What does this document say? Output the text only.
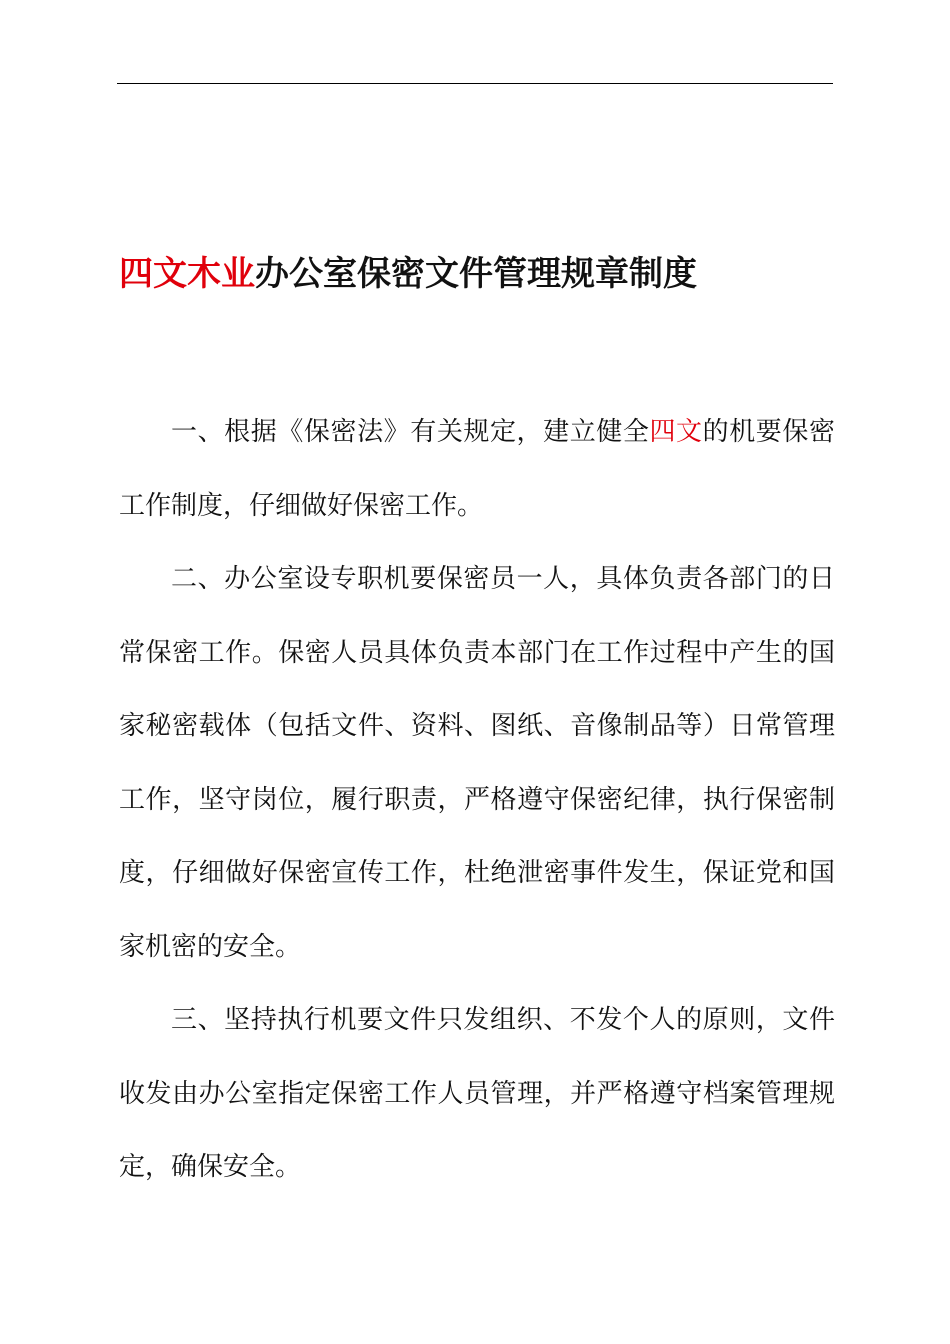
四文木业办公室保密文件管理规章制度

一、根据《保密法》有关规定，建立健全四文的机要保密工作制度，仔细做好保密工作。

二、办公室设专职机要保密员一人，具体负责各部门的日常保密工作。保密人员具体负责本部门在工作过程中产生的国家秘密载体（包括文件、资料、图纸、音像制品等）日常管理工作，坚守岗位，履行职责，严格遵守保密纪律，执行保密制度，仔细做好保密宣传工作，杜绝泄密事件发生，保证党和国家机密的安全。

三、坚持执行机要文件只发组织、不发个人的原则，文件收发由办公室指定保密工作人员管理，并严格遵守档案管理规定，确保安全。
